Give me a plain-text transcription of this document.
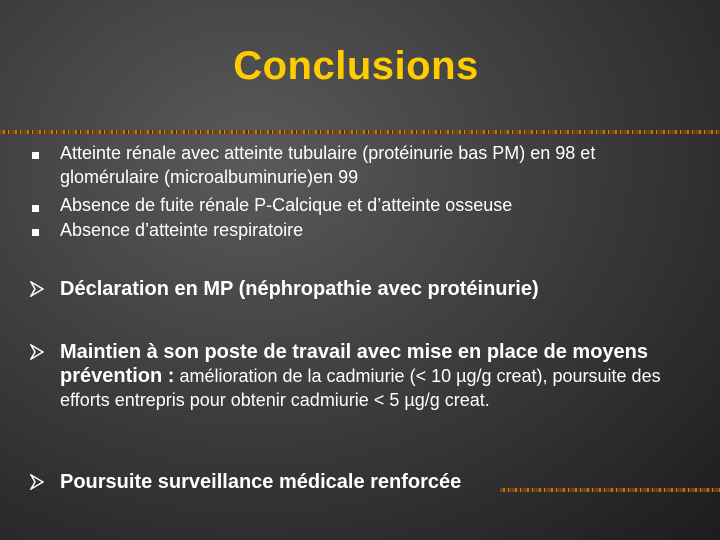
Conclusions
Atteinte rénale avec atteinte tubulaire (protéinurie bas PM) en 98 et glomérulaire (microalbuminurie)en 99
Absence de fuite rénale P-Calcique et d’atteinte osseuse
Absence d’atteinte respiratoire
Déclaration en MP (néphropathie avec protéinurie)
Maintien à son poste de travail avec mise en place de moyens prévention : amélioration de la cadmiurie (< 10 µg/g creat), poursuite des efforts entrepris pour obtenir cadmiurie < 5 µg/g creat.
Poursuite surveillance médicale renforcée
